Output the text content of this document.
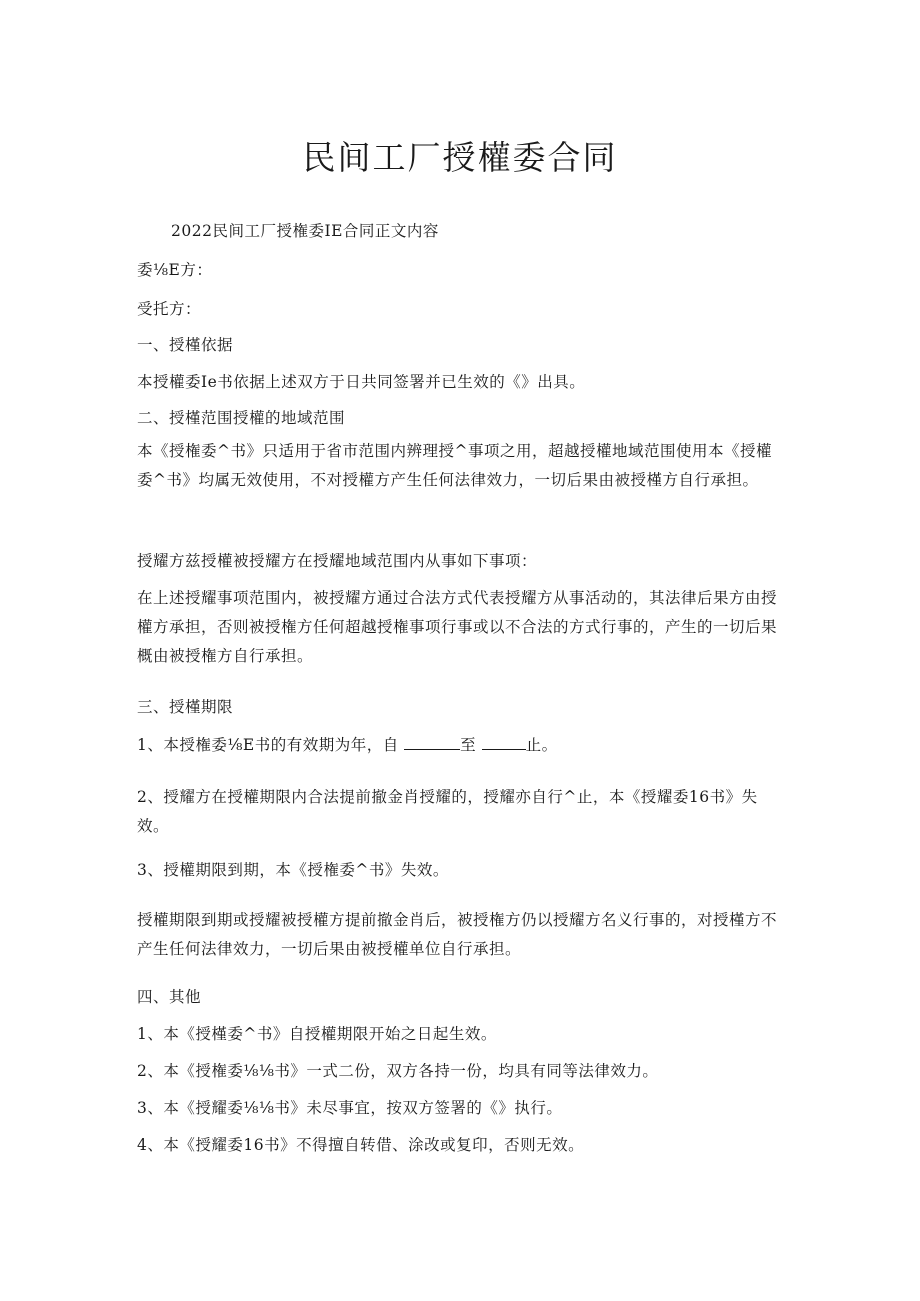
民间工厂授權委合同
2022民间工厂授権委IE合同正文内容
委⅛E方：
受托方：
一、授槿依据
本授權委Ie书依据上述双方于日共同签署并已生效的《》出具。
二、授槿范围授權的地域范围
本《授権委^书》只适用于省市范围内辨理授^事项之用，超越授權地域范围使用本《授權委^书》均属无效使用，不对授權方产生任何法律效力，一切后果由被授槿方自行承担。
授耀方兹授權被授耀方在授耀地域范围内从事如下事项：
在上述授耀事项范围内，被授耀方通过合法方式代表授耀方从事活动的，其法律后果方由授權方承担，否则被授権方任何超越授権事项行事或以不合法的方式行事的，产生的一切后果概由被授権方自行承担。
三、授槿期限
1、本授権委⅛E书的有效期为年，自	至	止。
2、授耀方在授權期限内合法提前撤金肖授耀的，授耀亦自行^止，本《授耀委16书》失效。
3、授權期限到期，本《授権委^书》失效。
授權期限到期或授耀被授權方提前撤金肖后，被授権方仍以授耀方名义行事的，对授槿方不产生任何法律效力，一切后果由被授權单位自行承担。
四、其他
1、本《授槿委^书》自授權期限开始之日起生效。
2、本《授権委⅛⅛书》一式二份，双方各持一份，均具有同等法律效力。
3、本《授耀委⅛⅛书》未尽事宜，按双方签署的《》执行。
4、本《授耀委16书》不得擅自转借、涂改或复印，否则无效。
